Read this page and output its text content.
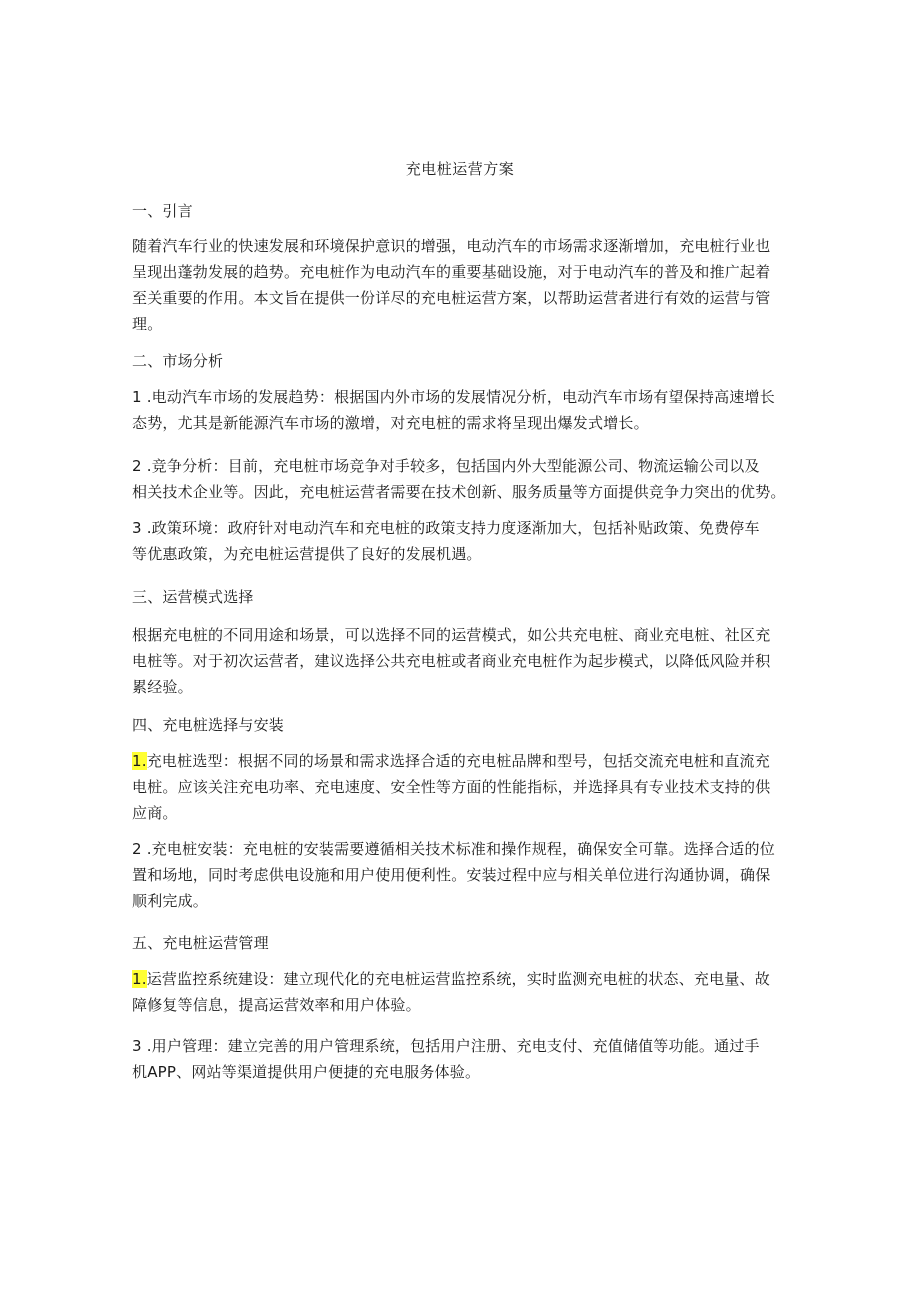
充电桩运营方案
一、引言
随着汽车行业的快速发展和环境保护意识的增强，电动汽车的市场需求逐渐增加，充电桩行业也
呈现出蓬勃发展的趋势。充电桩作为电动汽车的重要基础设施，对于电动汽车的普及和推广起着
至关重要的作用。本文旨在提供一份详尽的充电桩运营方案，以帮助运营者进行有效的运营与管
理。
二、市场分析
1 .电动汽车市场的发展趋势：根据国内外市场的发展情况分析，电动汽车市场有望保持高速增长
态势，尤其是新能源汽车市场的激增，对充电桩的需求将呈现出爆发式增长。
2 .竞争分析：目前，充电桩市场竞争对手较多，包括国内外大型能源公司、物流运输公司以及
相关技术企业等。因此，充电桩运营者需要在技术创新、服务质量等方面提供竞争力突出的优势。
3 .政策环境：政府针对电动汽车和充电桩的政策支持力度逐渐加大，包括补贴政策、免费停车
等优惠政策，为充电桩运营提供了良好的发展机遇。
三、运营模式选择
根据充电桩的不同用途和场景，可以选择不同的运营模式，如公共充电桩、商业充电桩、社区充
电桩等。对于初次运营者，建议选择公共充电桩或者商业充电桩作为起步模式，以降低风险并积
累经验。
四、充电桩选择与安装
1.充电桩选型：根据不同的场景和需求选择合适的充电桩品牌和型号，包括交流充电桩和直流充
电桩。应该关注充电功率、充电速度、安全性等方面的性能指标，并选择具有专业技术支持的供
应商。
2 .充电桩安装：充电桩的安装需要遵循相关技术标准和操作规程，确保安全可靠。选择合适的位
置和场地，同时考虑供电设施和用户使用便利性。安装过程中应与相关单位进行沟通协调，确保
顺利完成。
五、充电桩运营管理
1.运营监控系统建设：建立现代化的充电桩运营监控系统，实时监测充电桩的状态、充电量、故
障修复等信息，提高运营效率和用户体验。
3 .用户管理：建立完善的用户管理系统，包括用户注册、充电支付、充值储值等功能。通过手
机APP、网站等渠道提供用户便捷的充电服务体验。
